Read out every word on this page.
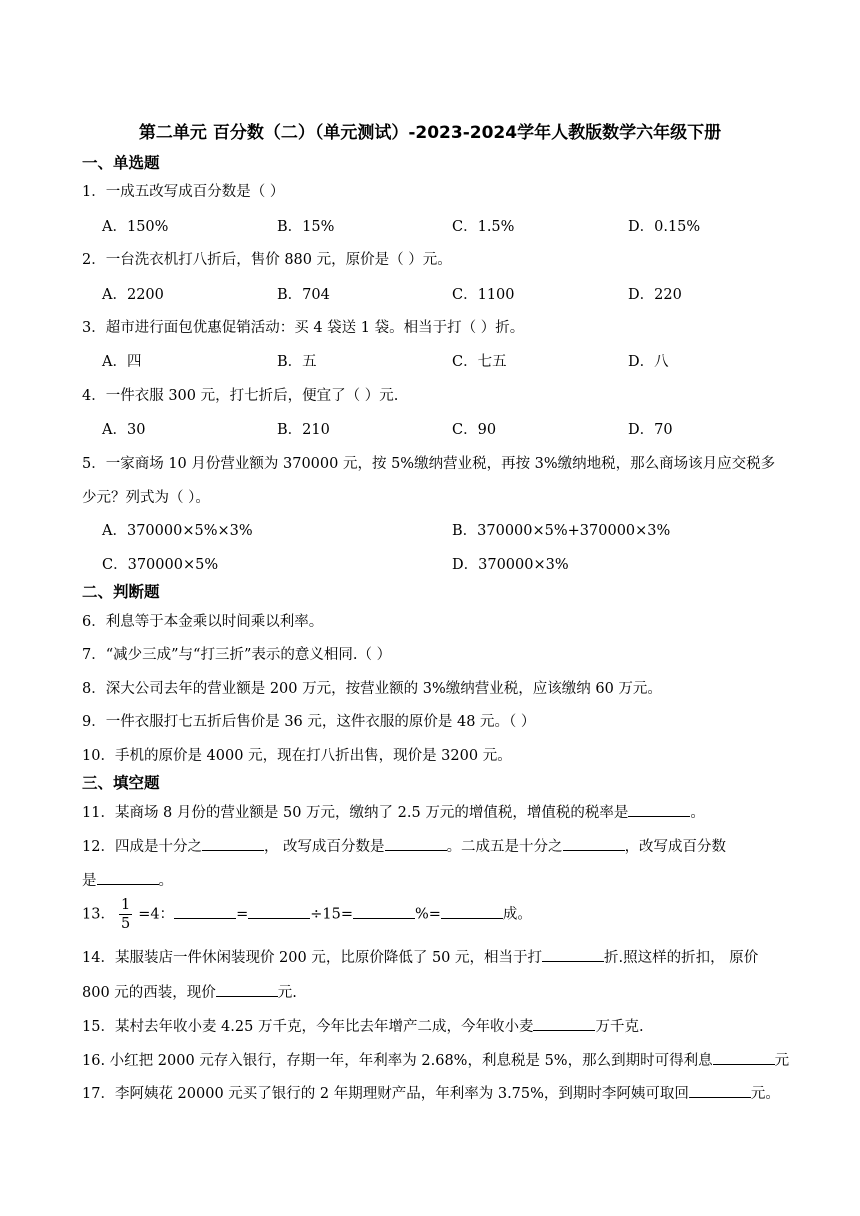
第二单元 百分数（二）（单元测试）-2023-2024学年人教版数学六年级下册
一、单选题
1．一成五改写成百分数是（ ）
A．150%	B．15%	C．1.5%	D．0.15%
2．一台洗衣机打八折后，售价 880 元，原价是（ ）元。
A．2200	B．704	C．1100	D．220
3．超市进行面包优惠促销活动：买 4 袋送 1 袋。相当于打（ ）折。
A．四	B．五	C．七五	D．八
4．一件衣服 300 元，打七折后，便宜了（ ）元.
A．30	B．210	C．90	D．70
5．一家商场 10 月份营业额为 370000 元，按 5%缴纳营业税，再按 3%缴纳地税，那么商场该月应交税多
少元？列式为（ ）。
A．370000×5%×3%	B．370000×5%+370000×3%
C．370000×5%	D．370000×3%
二、判断题
6．利息等于本金乘以时间乘以利率。
7．“减少三成”与“打三折”表示的意义相同.（ ）
8．深大公司去年的营业额是 200 万元，按营业额的 3%缴纳营业税，应该缴纳 60 万元。
9．一件衣服打七五折后售价是 36 元，这件衣服的原价是 48 元。（ ）
10．手机的原价是 4000 元，现在打八折出售，现价是 3200 元。
三、填空题
11．某商场 8 月份的营业额是 50 万元，缴纳了 2.5 万元的增值税，增值税的税率是	。
12．四成是十分之	， 改写成百分数是	。二成五是十分之	，改写成百分数
是	。
13． $\frac{1}{5} =4$：	=	÷15=	%=	成。
14．某服装店一件休闲装现价 200 元，比原价降低了 50 元，相当于打	折.照这样的折扣， 原价
800 元的西装，现价	元.
15．某村去年收小麦 4.25 万千克，今年比去年增产二成，今年收小麦	万千克.
16. 小红把 2000 元存入银行，存期一年，年利率为 2.68%，利息税是 5%，那么到期时可得利息	元
17．李阿姨花 20000 元买了银行的 2 年期理财产品，年利率为 3.75%，到期时李阿姨可取回	元。
